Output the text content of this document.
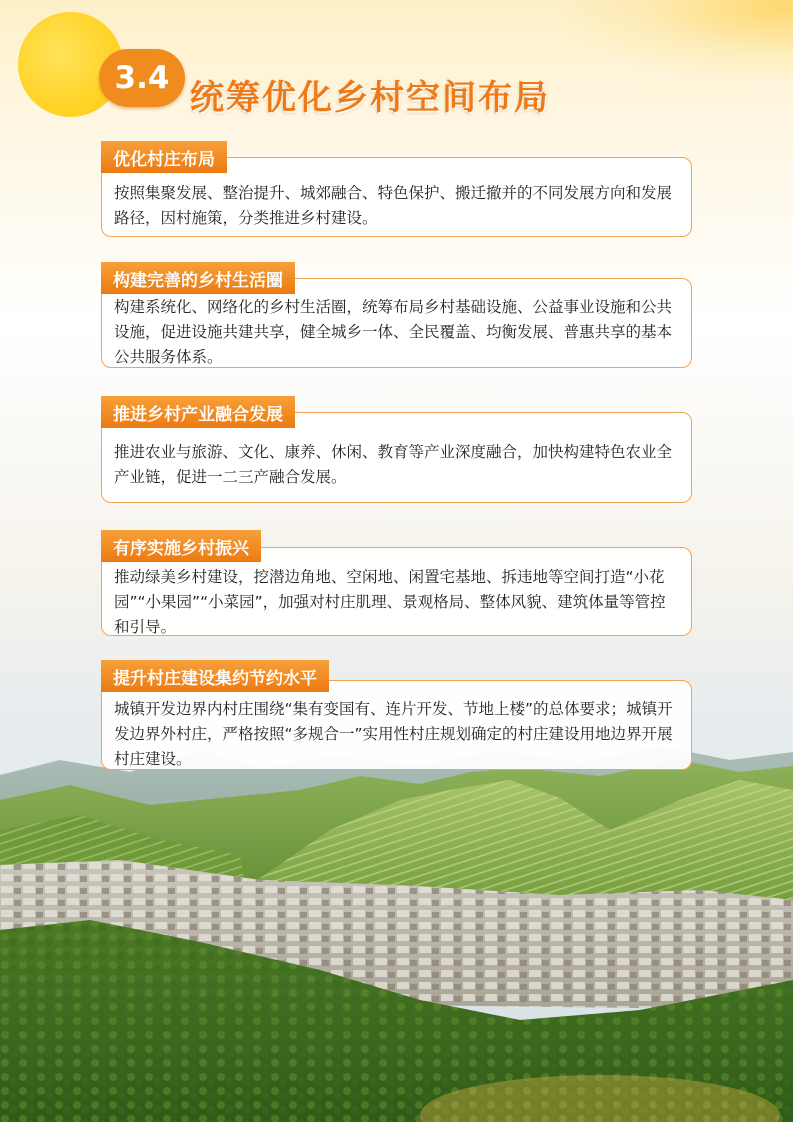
3.4 统筹优化乡村空间布局
按照集聚发展、整治提升、城郊融合、特色保护、搬迁撤并的不同发展方向和发展路径，因村施策，分类推进乡村建设。
优化村庄布局
构建系统化、网络化的乡村生活圈，统筹布局乡村基础设施、公益事业设施和公共设施，促进设施共建共享，健全城乡一体、全民覆盖、均衡发展、普惠共享的基本公共服务体系。
构建完善的乡村生活圈
推进农业与旅游、文化、康养、休闲、教育等产业深度融合，加快构建特色农业全产业链，促进一二三产融合发展。
推进乡村产业融合发展
推动绿美乡村建设，挖潜边角地、空闲地、闲置宅基地、拆违地等空间打造“小花园”“小果园”“小菜园”，加强对村庄肌理、景观格局、整体风貌、建筑体量等管控和引导。
有序实施乡村振兴
城镇开发边界内村庄围绕“集有变国有、连片开发、节地上楼”的总体要求；城镇开发边界外村庄，严格按照“多规合一”实用性村庄规划确定的村庄建设用地边界开展村庄建设。
提升村庄建设集约节约水平
